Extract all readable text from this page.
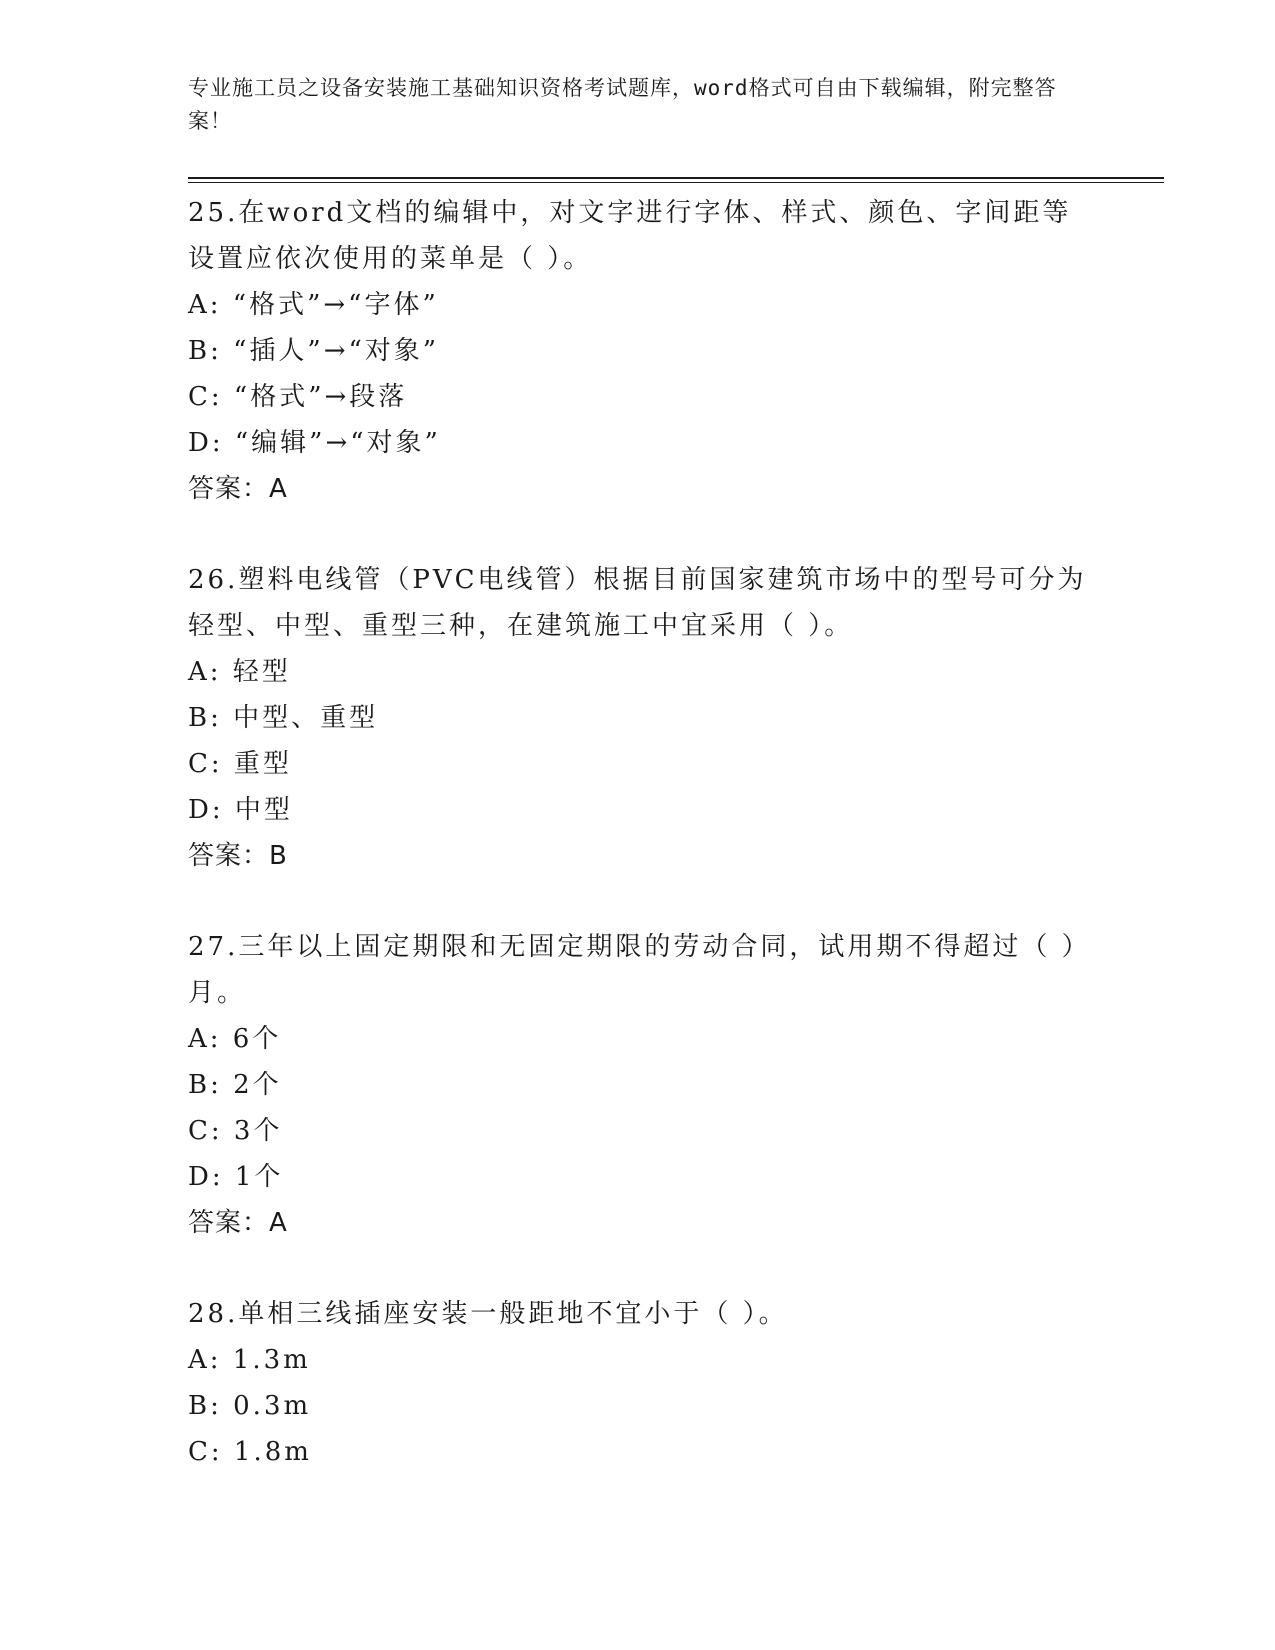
专业施工员之设备安装施工基础知识资格考试题库，word格式可自由下载编辑，附完整答案！
25.在word文档的编辑中，对文字进行字体、样式、颜色、字间距等设置应依次使用的菜单是（ ）。
A: “格式”→“字体”
B: “插人”→“对象”
C: “格式”→段落
D: “编辑”→“对象”
答案：A
26.塑料电线管（PVC电线管）根据目前国家建筑市场中的型号可分为轻型、中型、重型三种，在建筑施工中宜采用（ ）。
A: 轻型
B: 中型、重型
C: 重型
D: 中型
答案：B
27.三年以上固定期限和无固定期限的劳动合同，试用期不得超过（ ）月。
A: 6个
B: 2个
C: 3个
D: 1个
答案：A
28.单相三线插座安装一般距地不宜小于（ ）。
A: 1.3m
B: 0.3m
C: 1.8m
